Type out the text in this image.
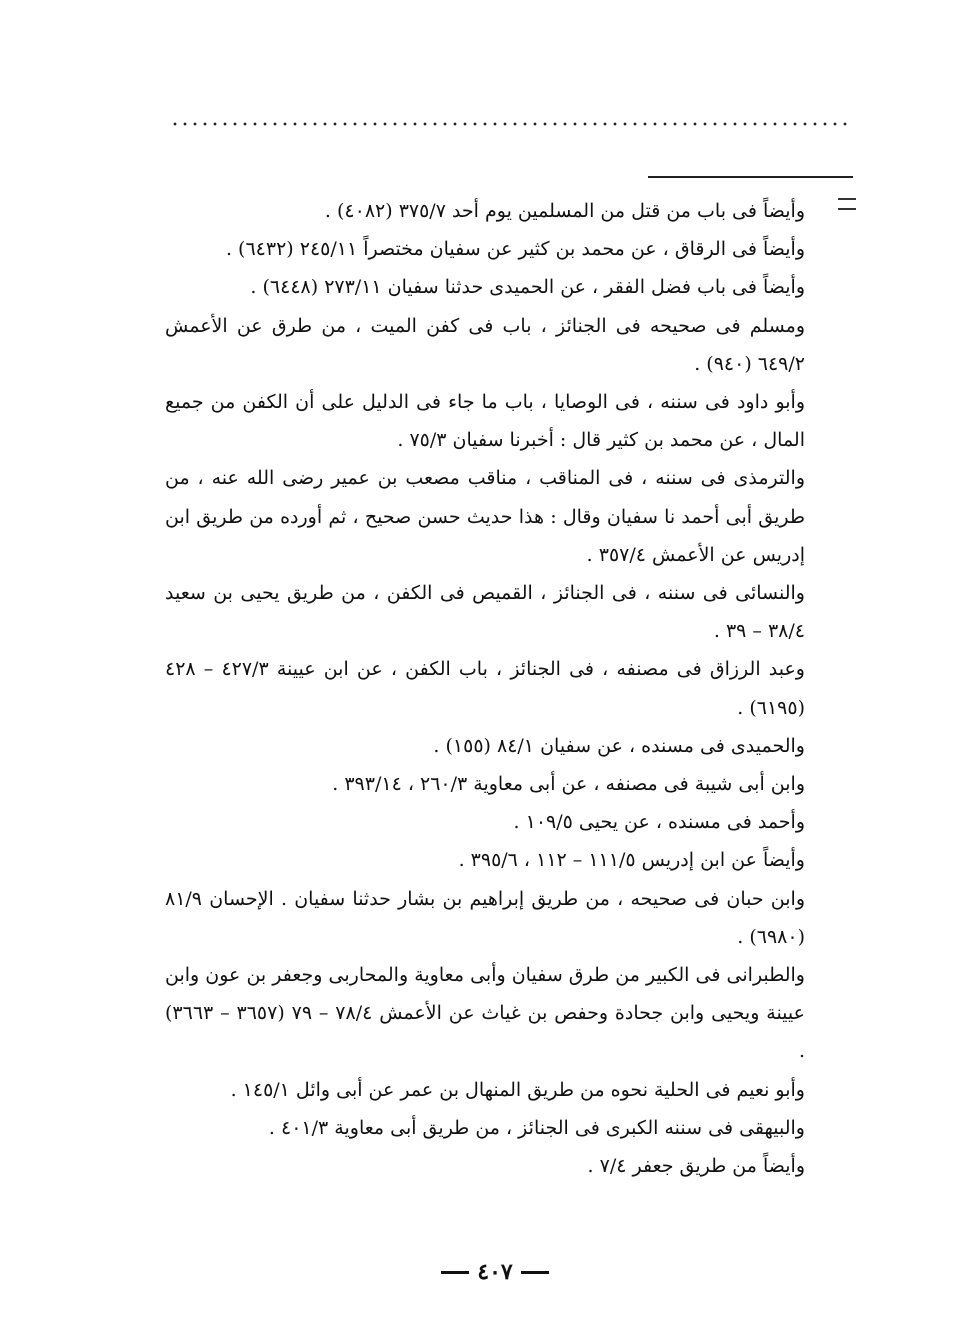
وأيضاً فى باب من قتل من المسلمين يوم أحد ٣٧٥/٧ (٤٠٨٢) .

وأيضاً فى الرقاق ، عن محمد بن كثير عن سفيان مختصراً ٢٤٥/١١ (٦٤٣٢) .

وأيضاً فى باب فضل الفقر ، عن الحميدى حدثنا سفيان ٢٧٣/١١ (٦٤٤٨) .

ومسلم فى صحيحه فى الجنائز ، باب فى كفن الميت ، من طرق عن الأعمش ٦٤٩/٢ (٩٤٠) .

وأبو داود فى سننه ، فى الوصايا ، باب ما جاء فى الدليل على أن الكفن من جميع المال ، عن محمد بن كثير قال : أخبرنا سفيان ٧٥/٣ .

والترمذى فى سننه ، فى المناقب ، مناقب مصعب بن عمير رضى الله عنه ، من طريق أبى أحمد نا سفيان وقال : هذا حديث حسن صحيح ، ثم أورده من طريق ابن إدريس عن الأعمش ٣٥٧/٤ .

والنسائى فى سننه ، فى الجنائز ، القميص فى الكفن ، من طريق يحيى بن سعيد ٣٨/٤ – ٣٩ .

وعبد الرزاق فى مصنفه ، فى الجنائز ، باب الكفن ، عن ابن عيينة ٤٢٧/٣ – ٤٢٨ (٦١٩٥) .

والحميدى فى مسنده ، عن سفيان ٨٤/١ (١٥٥) .

وابن أبى شيبة فى مصنفه ، عن أبى معاوية ٢٦٠/٣ ، ٣٩٣/١٤ .

وأحمد فى مسنده ، عن يحيى ١٠٩/٥ .

وأيضاً عن ابن إدريس ١١١/٥ – ١١٢ ، ٣٩٥/٦ .

وابن حبان فى صحيحه ، من طريق إبراهيم بن بشار حدثنا سفيان . الإحسان ٨١/٩ (٦٩٨٠) .

والطبرانى فى الكبير من طرق سفيان وأبى معاوية والمحاربى وجعفر بن عون وابن عيينة ويحيى وابن جحادة وحفص بن غياث عن الأعمش ٧٨/٤ – ٧٩ (٣٦٥٧ – ٣٦٦٣) .

وأبو نعيم فى الحلية نحوه من طريق المنهال بن عمر عن أبى وائل ١٤٥/١ .

والبيهقى فى سننه الكبرى فى الجنائز ، من طريق أبى معاوية ٤٠١/٣ .

وأيضاً من طريق جعفر ٧/٤ .

٤٠٧
